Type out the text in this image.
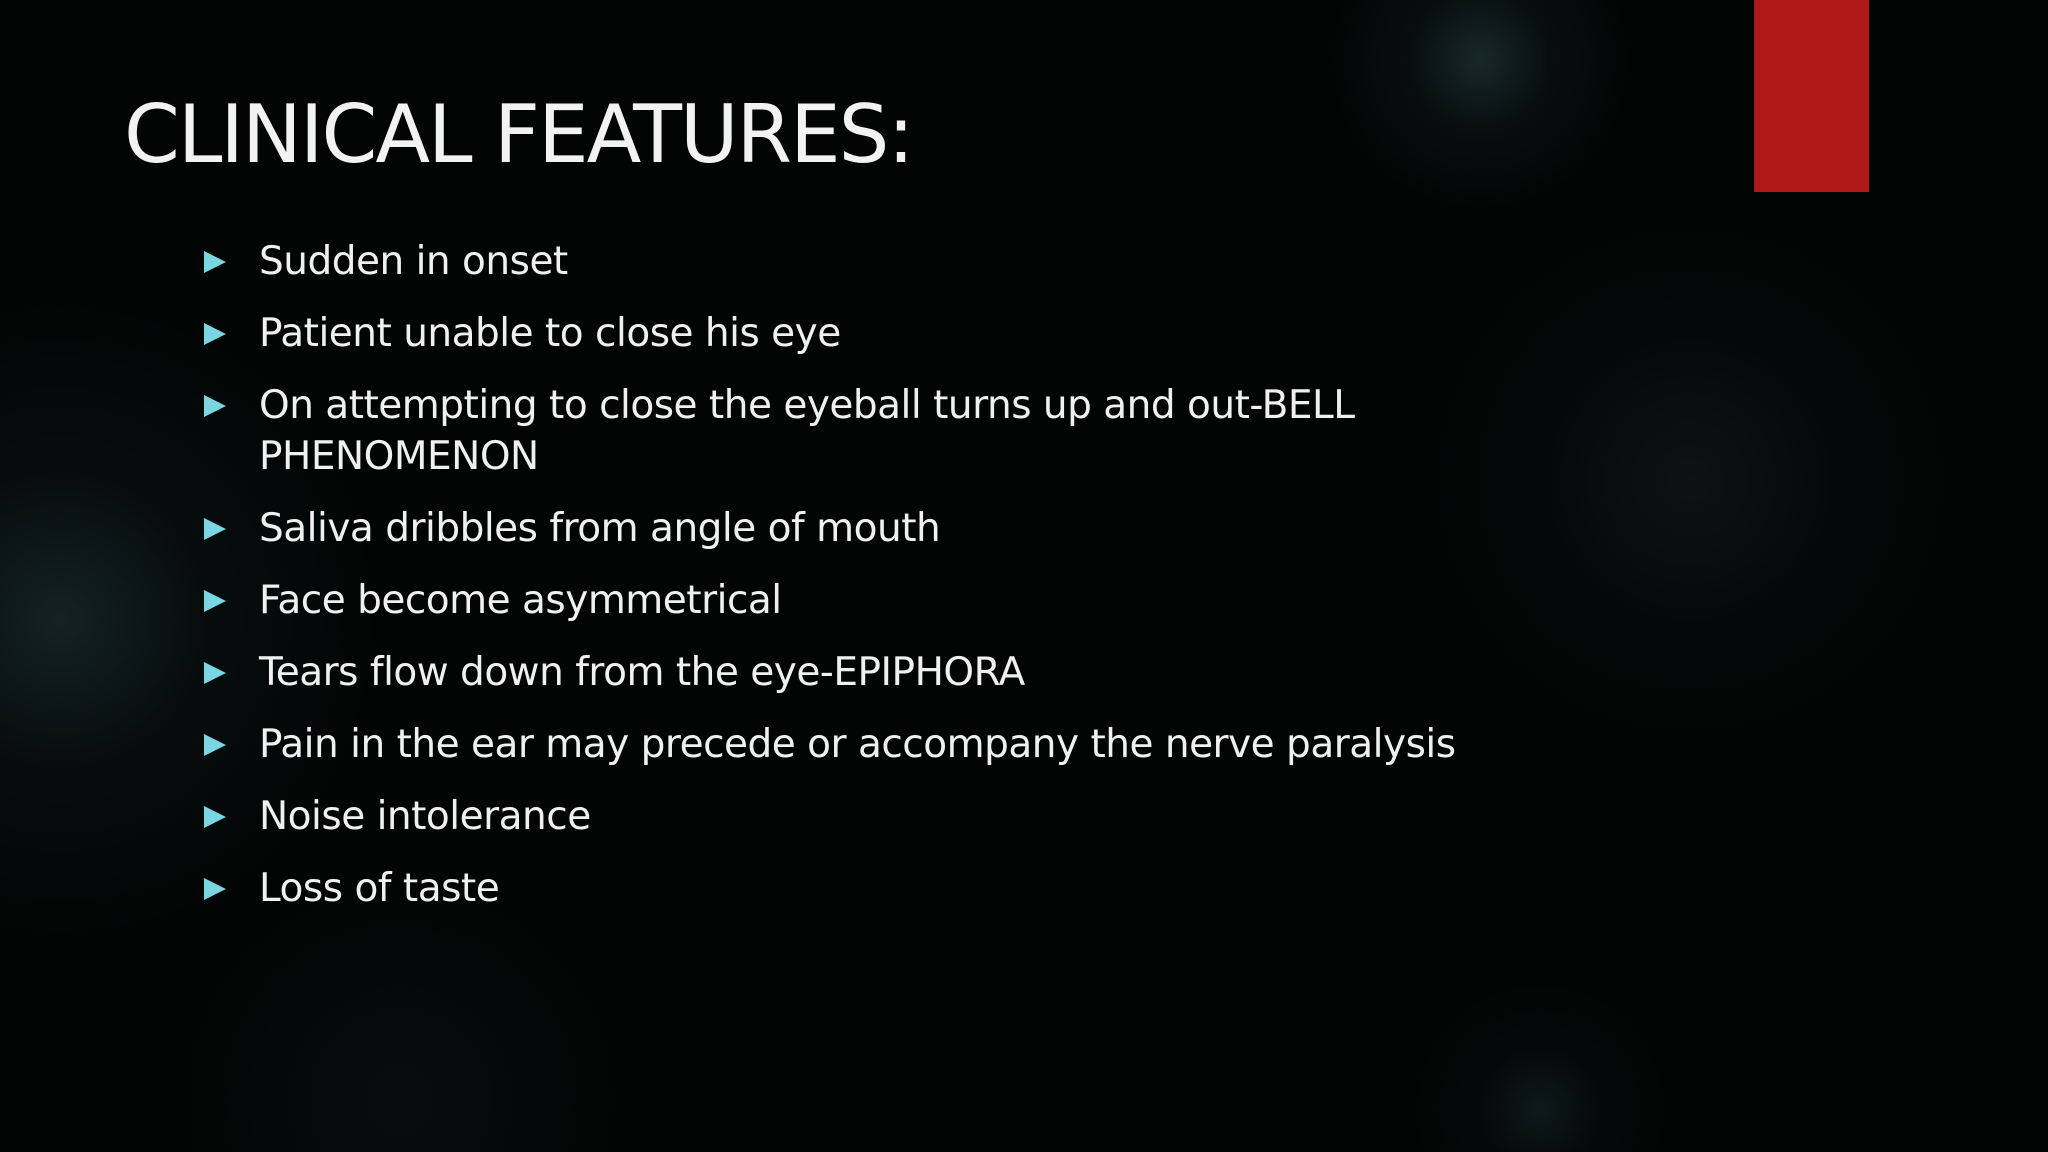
CLINICAL FEATURES:
Sudden in onset
Patient unable to close his eye
On attempting to close the eyeball turns up and out-BELL PHENOMENON
Saliva dribbles from angle of mouth
Face become asymmetrical
Tears flow down from the eye-EPIPHORA
Pain in the ear may precede or accompany the nerve paralysis
Noise intolerance
Loss of taste
